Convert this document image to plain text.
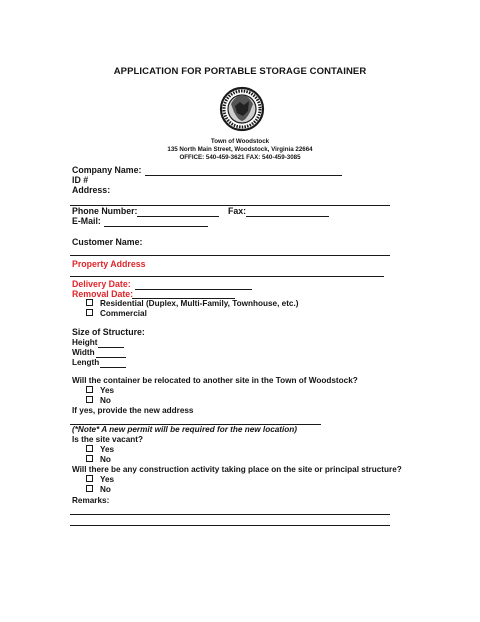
APPLICATION FOR PORTABLE STORAGE CONTAINER
Town of Woodstock
135 North Main Street, Woodstock, Virginia 22664
OFFICE: 540-459-3621 FAX: 540-459-3085
Company Name:
ID #
Address:
Phone Number:	Fax:
E-Mail:
Customer Name:
Property Address
Delivery Date:
Removal Date:
Residential (Duplex, Multi-Family, Townhouse, etc.)
Commercial
Size of Structure:
Height
Width
Length
Will the container be relocated to another site in the Town of Woodstock?
Yes
No
If yes, provide the new address
(*Note* A new permit will be required for the new location)
Is the site vacant?
Yes
No
Will there be any construction activity taking place on the site or principal structure?
Yes
No
Remarks:
